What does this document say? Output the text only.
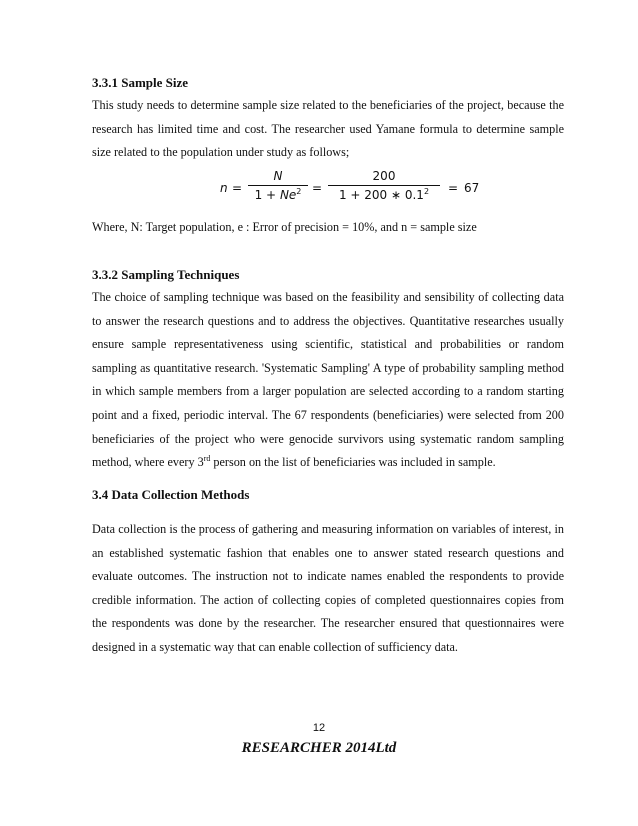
3.3.1 Sample Size

This study needs to determine sample size related to the beneficiaries of the project, because the research has limited time and cost. The researcher used Yamane formula to determine sample size related to the population under study as follows;

n =
N
$1 + Ne^2$ =
200
1 + 200 ∗ $0.1^2$	= 67

Where, N: Target population, e : Error of precision = 10%, and n = sample size

3.3.2 Sampling Techniques

The choice of sampling technique was based on the feasibility and sensibility of collecting data to answer the research questions and to address the objectives. Quantitative researches usually ensure sample representativeness using scientific, statistical and probabilities or random sampling as quantitative research. 'Systematic Sampling' A type of probability sampling method in which sample members from a larger population are selected according to a random starting point and a fixed, periodic interval. The 67 respondents (beneficiaries) were selected from 200 beneficiaries of the project who were genocide survivors using systematic random sampling method, where every 3rd person on the list of beneficiaries was included in sample.

3.4 Data Collection Methods

Data collection is the process of gathering and measuring information on variables of interest, in an established systematic fashion that enables one to answer stated research questions and evaluate outcomes. The instruction not to indicate names enabled the respondents to provide credible information. The action of collecting copies of completed questionnaires copies from the respondents was done by the researcher. The researcher ensured that questionnaires were designed in a systematic way that can enable collection of sufficiency data.

12
RESEARCHER 2014Ltd
